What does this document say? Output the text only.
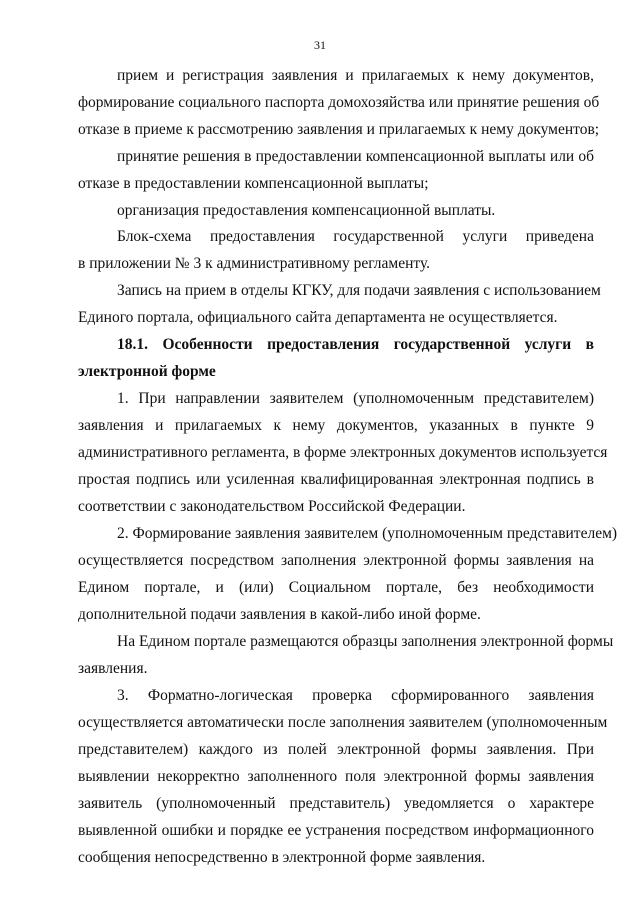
31
прием и регистрация заявления и прилагаемых к нему документов,
формирование социального паспорта домохозяйства или принятие решения об
отказе в приеме к рассмотрению заявления и прилагаемых к нему документов;
принятие решения в предоставлении компенсационной выплаты или об
отказе в предоставлении компенсационной выплаты;
организация предоставления компенсационной выплаты.
Блок-схема предоставления государственной услуги приведена
в приложении № 3 к административному регламенту.
Запись на прием в отделы КГКУ, для подачи заявления с использованием
Единого портала, официального сайта департамента не осуществляется.
18.1. Особенности предоставления государственной услуги в
электронной форме
1. При направлении заявителем (уполномоченным представителем)
заявления и прилагаемых к нему документов, указанных в пункте 9
административного регламента, в форме электронных документов используется
простая подпись или усиленная квалифицированная электронная подпись в
соответствии с законодательством Российской Федерации.
2. Формирование заявления заявителем (уполномоченным представителем)
осуществляется посредством заполнения электронной формы заявления на
Едином портале, и (или) Социальном портале, без необходимости
дополнительной подачи заявления в какой-либо иной форме.
На Едином портале размещаются образцы заполнения электронной формы
заявления.
3. Форматно-логическая проверка сформированного заявления
осуществляется автоматически после заполнения заявителем (уполномоченным
представителем) каждого из полей электронной формы заявления. При
выявлении некорректно заполненного поля электронной формы заявления
заявитель (уполномоченный представитель) уведомляется о характере
выявленной ошибки и порядке ее устранения посредством информационного
сообщения непосредственно в электронной форме заявления.
